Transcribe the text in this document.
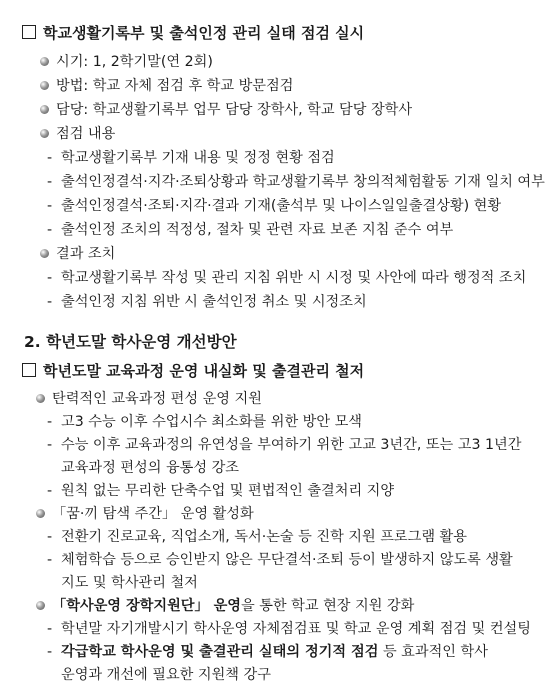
학교생활기록부 및 출석인정 관리 실태 점검 실시
시기: 1, 2학기말(연 2회)
방법: 학교 자체 점검 후 학교 방문점검
담당: 학교생활기록부 업무 담당 장학사, 학교 담당 장학사
점검 내용
- 학교생활기록부 기재 내용 및 정정 현황 점검
- 출석인정결석·지각·조퇴상황과 학교생활기록부 창의적체험활동 기재 일치 여부
- 출석인정결석·조퇴·지각·결과 기재(출석부 및 나이스일일출결상황) 현황
- 출석인정 조치의 적정성, 절차 및 관련 자료 보존 지침 준수 여부
결과 조치
- 학교생활기록부 작성 및 관리 지침 위반 시 시정 및 사안에 따라 행정적 조치
- 출석인정 지침 위반 시 출석인정 취소 및 시정조치
2. 학년도말 학사운영 개선방안
학년도말 교육과정 운영 내실화 및 출결관리 철저
탄력적인 교육과정 편성 운영 지원
- 고3 수능 이후 수업시수 최소화를 위한 방안 모색
- 수능 이후 교육과정의 유연성을 부여하기 위한 고교 3년간, 또는 고3 1년간
교육과정 편성의 융통성 강조
- 원칙 없는 무리한 단축수업 및 편법적인 출결처리 지양
「꿈·끼 탐색 주간」 운영 활성화
- 전환기 진로교육, 직업소개, 독서·논술 등 진학 지원 프로그램 활용
- 체험학습 등으로 승인받지 않은 무단결석·조퇴 등이 발생하지 않도록 생활
지도 및 학사관리 철저
「학사운영 장학지원단」 운영을 통한 학교 현장 지원 강화
- 학년말 자기개발시기 학사운영 자체점검표 및 학교 운영 계획 점검 및 컨설팅
- 각급학교 학사운영 및 출결관리 실태의 정기적 점검 등 효과적인 학사
운영과 개선에 필요한 지원책 강구
